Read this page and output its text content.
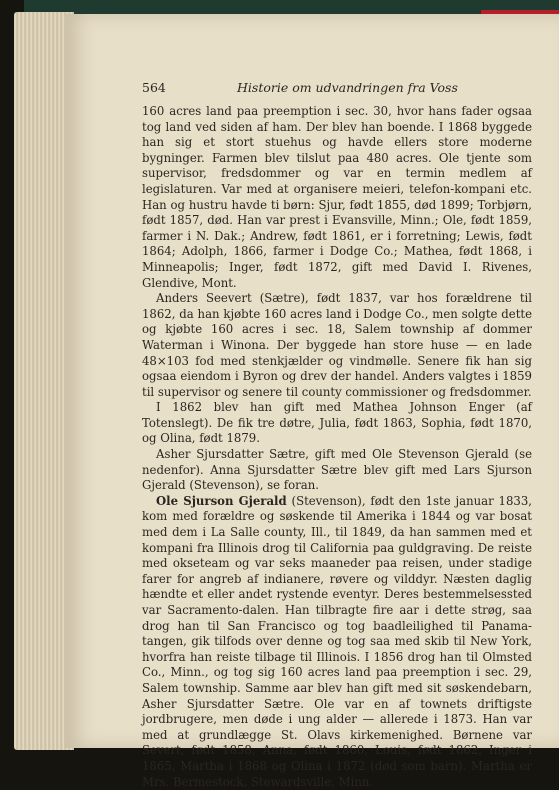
564	Historie om udvandringen fra Voss

160 acres land paa preemption i sec. 30, hvor hans fader ogsaa tog land ved siden af ham. Der blev han boende. I 1868 byggede han sig et stort stuehus og havde ellers store moderne bygninger. Farmen blev tilslut paa 480 acres. Ole tjente som supervisor, fredsdommer og var en termin medlem af legislaturen. Var med at organisere meieri, telefon-kompani etc. Han og hustru havde ti børn: Sjur, født 1855, død 1899; Torbjørn, født 1857, død. Han var prest i Evansville, Minn.; Ole, født 1859, farmer i N. Dak.; Andrew, født 1861, er i forretning; Lewis, født 1864; Adolph, 1866, farmer i Dodge Co.; Mathea, født 1868, i Minneapolis; Inger, født 1872, gift med David I. Rivenes, Glendive, Mont.

Anders Seevert (Sætre), født 1837, var hos forældrene til 1862, da han kjøbte 160 acres land i Dodge Co., men solgte dette og kjøbte 160 acres i sec. 18, Salem township af dommer Waterman i Winona. Der byggede han store huse — en lade 48×103 fod med stenkjælder og vindmølle. Senere fik han sig ogsaa eiendom i Byron og drev der handel. Anders valgtes i 1859 til supervisor og senere til county commissioner og fredsdommer.

I 1862 blev han gift med Mathea Johnson Enger (af Totenslegt). De fik tre døtre, Julia, født 1863, Sophia, født 1870, og Olina, født 1879.

Asher Sjursdatter Sætre, gift med Ole Stevenson Gjerald (se nedenfor). Anna Sjursdatter Sætre blev gift med Lars Sjurson Gjerald (Stevenson), se foran.

Ole Sjurson Gjerald (Stevenson), født den 1ste januar 1833, kom med forældre og søskende til Amerika i 1844 og var bosat med dem i La Salle county, Ill., til 1849, da han sammen med et kompani fra Illinois drog til California paa guldgraving. De reiste med okseteam og var seks maaneder paa reisen, under stadige farer for angreb af indianere, røvere og vilddyr. Næsten daglig hændte et eller andet rystende eventyr. Deres bestemmelsessted var Sacramento-dalen. Han tilbragte fire aar i dette strøg, saa drog han til San Francisco og tog baadleilighed til Panama-tangen, gik tilfods over denne og tog saa med skib til New York, hvorfra han reiste tilbage til Illinois. I 1856 drog han til Olmsted Co., Minn., og tog sig 160 acres land paa preemption i sec. 29, Salem township. Samme aar blev han gift med sit søskendebarn, Asher Sjursdatter Sætre. Ole var en af townets driftigste jordbrugere, men døde i ung alder — allerede i 1873. Han var med at grundlægge St. Olavs kirkemenighed. Børnene var Severt, født 1858, Anna, født 1860, Louis, født 1862, Inger i 1865, Martha i 1868 og Olina i 1872 (død som barn). Martha er Mrs. Bermestock, Stewardsville, Minn.
